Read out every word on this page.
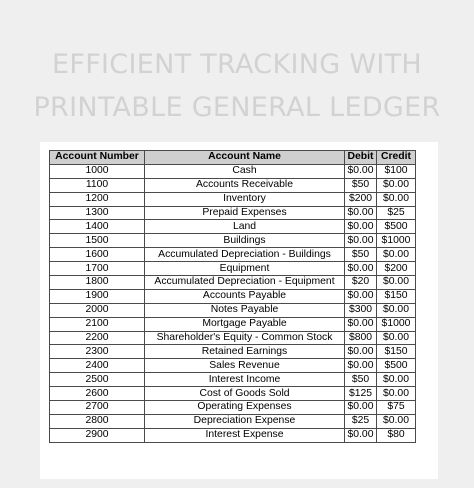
EFFICIENT TRACKING WITH
PRINTABLE GENERAL LEDGER
Account Number	Account Name	Debit	Credit
1000	Cash	$0.00	$100
1100	Accounts Receivable	$50	$0.00
1200	Inventory	$200	$0.00
1300	Prepaid Expenses	$0.00	$25
1400	Land	$0.00	$500
1500	Buildings	$0.00	$1000
1600	Accumulated Depreciation - Buildings	$50	$0.00
1700	Equipment	$0.00	$200
1800	Accumulated Depreciation - Equipment	$20	$0.00
1900	Accounts Payable	$0.00	$150
2000	Notes Payable	$300	$0.00
2100	Mortgage Payable	$0.00	$1000
2200	Shareholder's Equity - Common Stock	$800	$0.00
2300	Retained Earnings	$0.00	$150
2400	Sales Revenue	$0.00	$500
2500	Interest Income	$50	$0.00
2600	Cost of Goods Sold	$125	$0.00
2700	Operating Expenses	$0.00	$75
2800	Depreciation Expense	$25	$0.00
2900	Interest Expense	$0.00	$80
